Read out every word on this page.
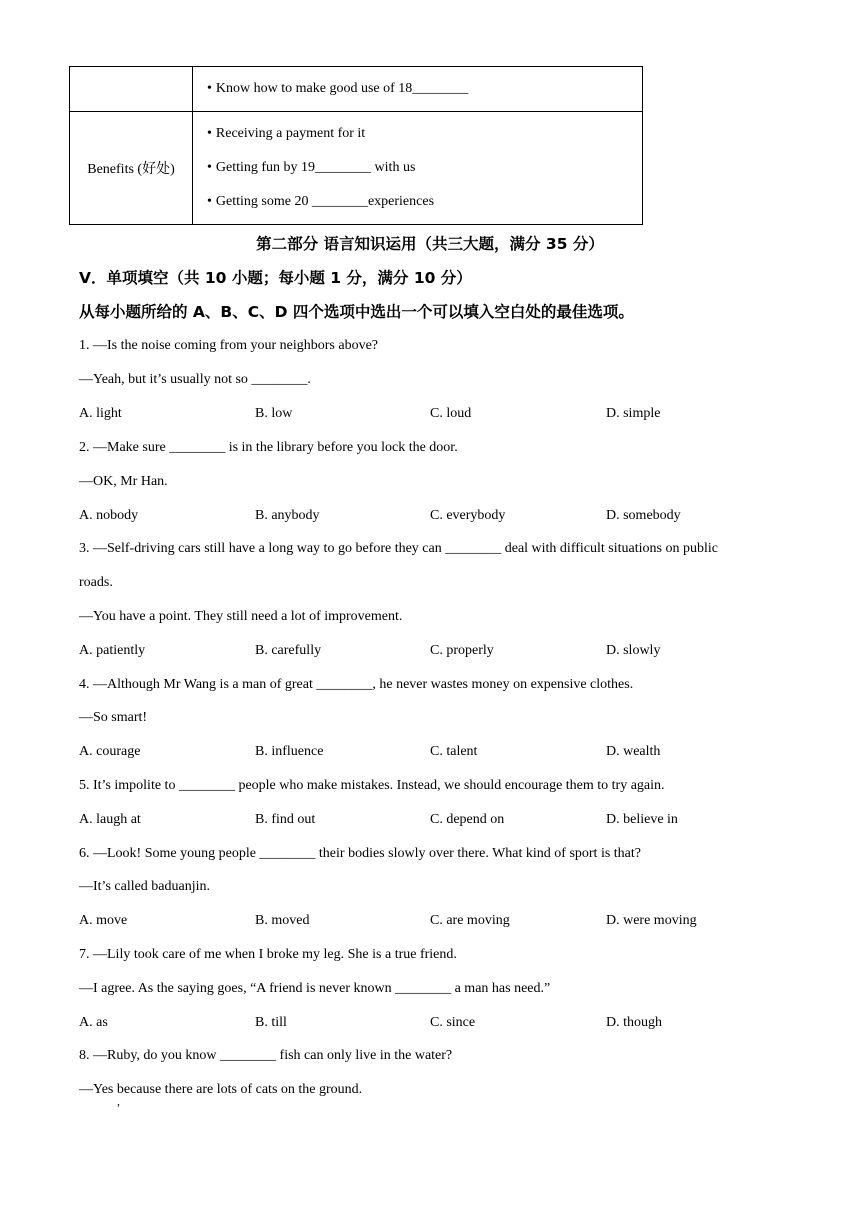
	• Know how to make good use of 18________

Benefits (好处)	• Receiving a payment for it
• Getting fun by 19________ with us
• Getting some 20 ________experiences
第二部分 语言知识运用（共三大题，满分 35 分）
V．单项填空（共 10 小题；每小题 1 分，满分 10 分）
从每小题所给的 A、B、C、D 四个选项中选出一个可以填入空白处的最佳选项。
1. —Is the noise coming from your neighbors above?
—Yeah, but it’s usually not so ________.
A. light	B. low	C. loud	D. simple
2. —Make sure ________ is in the library before you lock the door.
—OK, Mr Han.
A. nobody	B. anybody	C. everybody	D. somebody
3. —Self-driving cars still have a long way to go before they can ________ deal with difficult situations on public
roads.
—You have a point. They still need a lot of improvement.
A. patiently	B. carefully	C. properly	D. slowly
4. —Although Mr Wang is a man of great ________, he never wastes money on expensive clothes.
—So smart!
A. courage	B. influence	C. talent	D. wealth
5. It’s impolite to ________ people who make mistakes. Instead, we should encourage them to try again.
A. laugh at	B. find out	C. depend on	D. believe in
6. —Look! Some young people ________ their bodies slowly over there. What kind of sport is that?
—It’s called baduanjin.
A. move	B. moved	C. are moving	D. were moving
7. —Lily took care of me when I broke my leg. She is a true friend.
—I agree. As the saying goes, “A friend is never known ________ a man has need.”
A. as	B. till	C. since	D. though
8. —Ruby, do you know ________ fish can only live in the water?
—Yes because there are lots of cats on the ground.
,
